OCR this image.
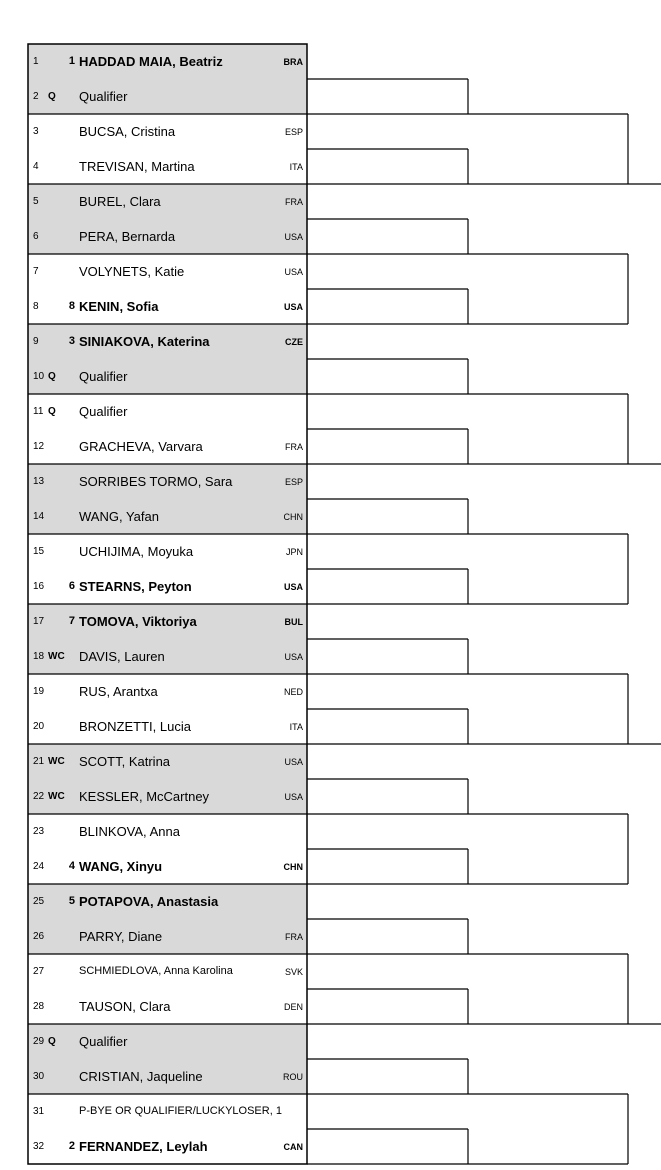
1	1 HADDAD MAIA, Beatriz	BRA
2 Q Qualifier
3	BUCSA, Cristina	ESP
4	TREVISAN, Martina	ITA
5	BUREL, Clara	FRA
6	PERA, Bernarda	USA
7	VOLYNETS, Katie	USA
8	8 KENIN, Sofia	USA
9	3 SINIAKOVA, Katerina	CZE
10 Q Qualifier
11 Q Qualifier
12	GRACHEVA, Varvara	FRA
13	SORRIBES TORMO, Sara	ESP
14	WANG, Yafan	CHN
15	UCHIJIMA, Moyuka	JPN
16 6 STEARNS, Peyton	USA
17 7 TOMOVA, Viktoriya	BUL
18 WC DAVIS, Lauren	USA
19	RUS, Arantxa	NED
20	BRONZETTI, Lucia	ITA
21 WC SCOTT, Katrina	USA
22 WC KESSLER, McCartney	USA
23	BLINKOVA, Anna
24 4 WANG, Xinyu	CHN
25 5 POTAPOVA, Anastasia
26	PARRY, Diane	FRA
27	SCHMIEDLOVA, Anna Karolina	SVK
28	TAUSON, Clara	DEN
29 Q Qualifier
30	CRISTIAN, Jaqueline	ROU
31	P-BYE OR QUALIFIER/LUCKYLOSER, 1
32 2 FERNANDEZ, Leylah	CAN
